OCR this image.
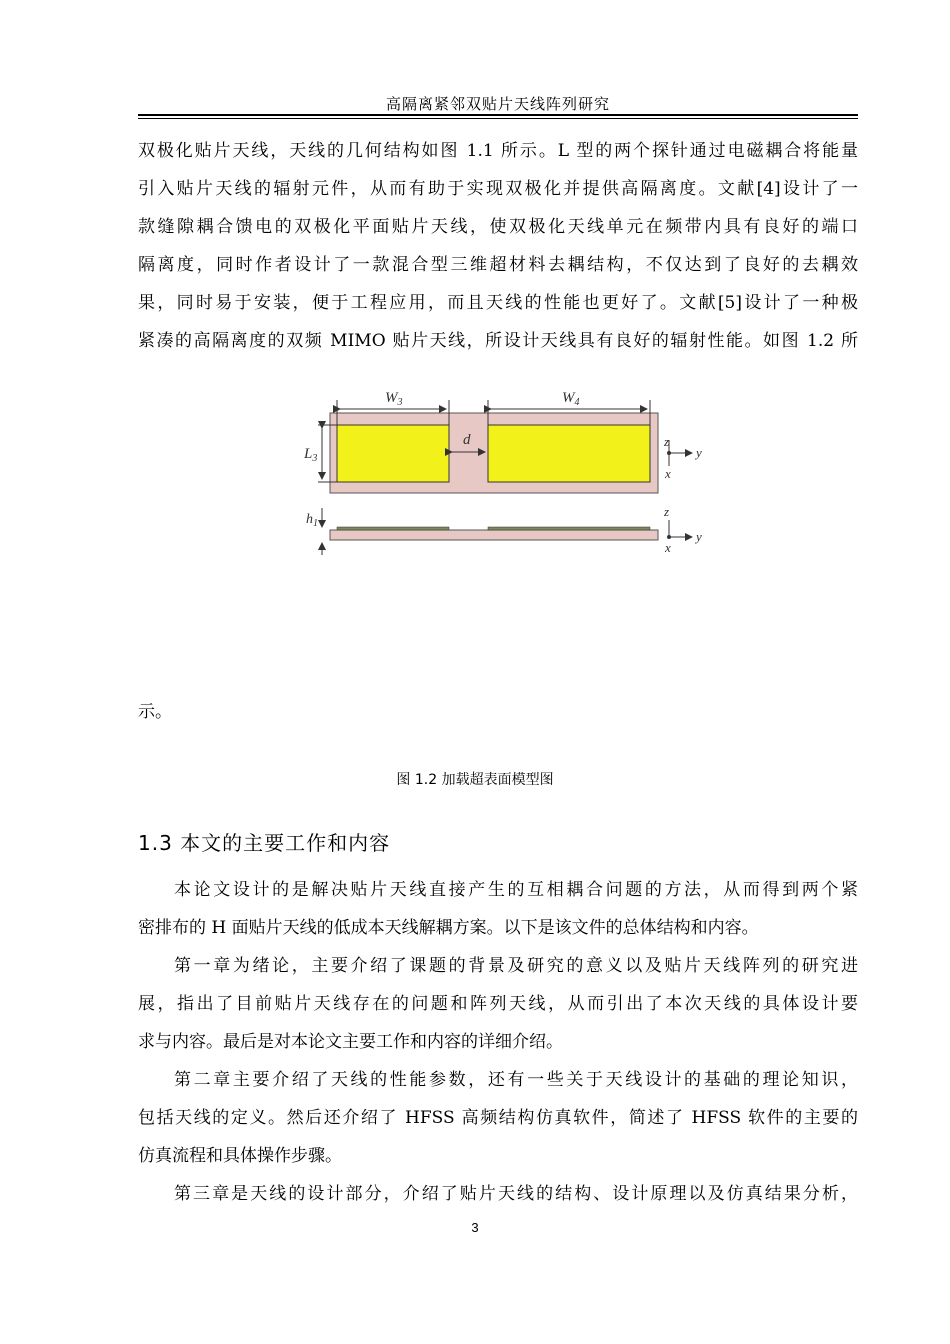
高隔离紧邻双贴片天线阵列研究
双极化贴片天线，天线的几何结构如图 1.1 所示。L 型的两个探针通过电磁耦合将能量
引入贴片天线的辐射元件，从而有助于实现双极化并提供高隔离度。文献[4]设计了一
款缝隙耦合馈电的双极化平面贴片天线，使双极化天线单元在频带内具有良好的端口
隔离度，同时作者设计了一款混合型三维超材料去耦结构，不仅达到了良好的去耦效
果，同时易于安装，便于工程应用，而且天线的性能也更好了。文献[5]设计了一种极
紧凑的高隔离度的双频 MIMO 贴片天线，所设计天线具有良好的辐射性能。如图 1.2 所
$W_3$	$W_4$
d
$L_3$
z
y
x
$h_1$
z
y
x
示。
图 1.2 加载超表面模型图
1.3 本文的主要工作和内容
本论文设计的是解决贴片天线直接产生的互相耦合问题的方法，从而得到两个紧
密排布的 H 面贴片天线的低成本天线解耦方案。以下是该文件的总体结构和内容。
第一章为绪论，主要介绍了课题的背景及研究的意义以及贴片天线阵列的研究进
展，指出了目前贴片天线存在的问题和阵列天线，从而引出了本次天线的具体设计要
求与内容。最后是对本论文主要工作和内容的详细介绍。
第二章主要介绍了天线的性能参数，还有一些关于天线设计的基础的理论知识，
包括天线的定义。然后还介绍了 HFSS 高频结构仿真软件，简述了 HFSS 软件的主要的
仿真流程和具体操作步骤。
第三章是天线的设计部分，介绍了贴片天线的结构、设计原理以及仿真结果分析，
3
